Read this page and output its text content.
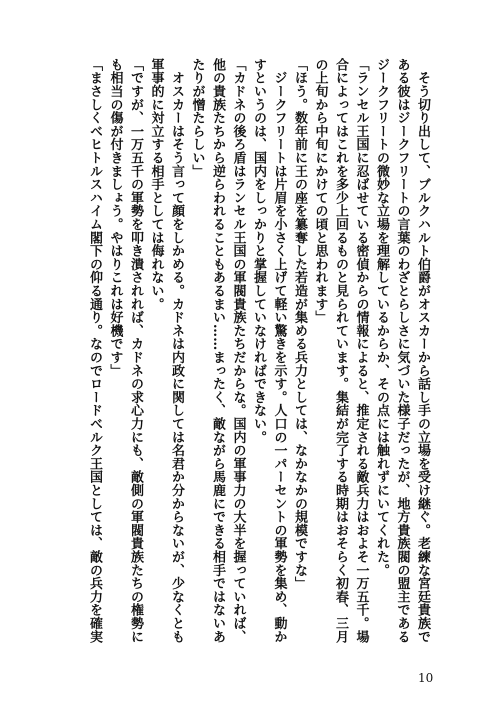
　そう切り出して、ブルクハルト伯爵がオスカーから話し手の立場を受け継ぐ。老練な宮廷貴族で
ある彼はジークフリートの言葉のわざとらしさに気づいた様子だったが、地方貴族閥の盟主である
ジークフリートの微妙な立場を理解しているからか、その点には触れずにいてくれた。
「ランセル王国に忍ばせている密偵からの情報によると、推定される敵兵力はおよそ一万五千。場
合によってはこれを多少上回るものと見られています。集結が完了する時期はおそらく初春、三月
の上旬から中旬にかけての頃と思われます」
「ほう。数年前に王の座を簒奪した若造が集める兵力としては、なかなかの規模ですな」
　ジークフリートは片眉を小さく上げて軽い驚きを示す。人口の一パーセントの軍勢を集め、動か
すというのは、国内をしっかりと掌握していなければできない。
「カドネの後ろ盾はランセル王国の軍閥貴族たちだからな。国内の軍事力の大半を握っていれば、
他の貴族たちから逆らわれることもあるまい……まったく、敵ながら馬鹿にできる相手ではないあ
たりが憎たらしい」
　オスカーはそう言って顔をしかめる。カドネは内政に関しては名君か分からないが、少なくとも
軍事的に対立する相手としては侮れない。
「ですが、一万五千の軍勢を叩き潰されれば、カドネの求心力にも、敵側の軍閥貴族たちの権勢に
も相当の傷が付きましょう。やはりこれは好機です」
「まさしくベヒトルスハイム閣下の仰る通り。なのでロードベルク王国としては、敵の兵力を確実
10
